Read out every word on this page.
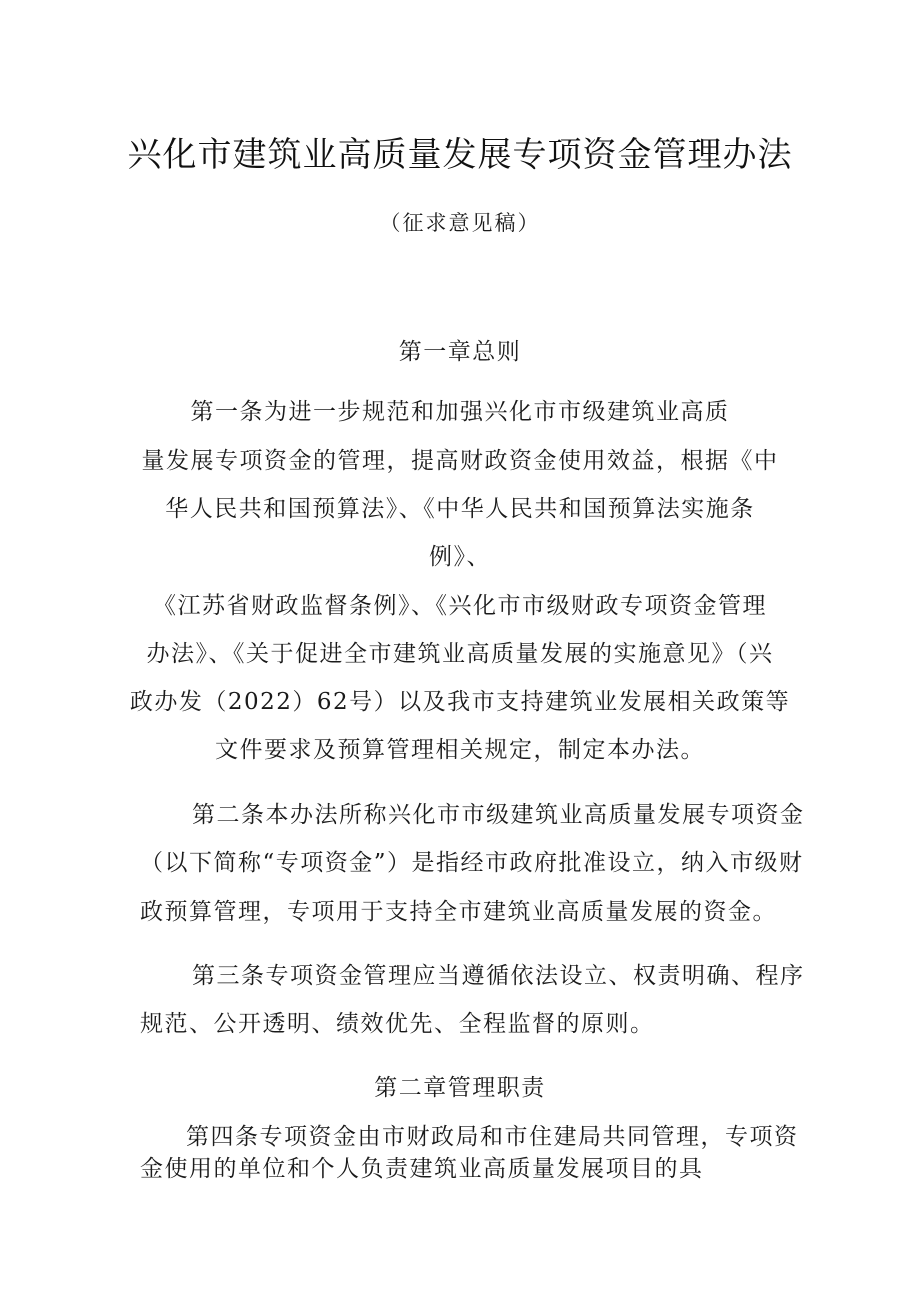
兴化市建筑业高质量发展专项资金管理办法
（征求意见稿）
第一章总则
第一条为进一步规范和加强兴化市市级建筑业高质
量发展专项资金的管理，提高财政资金使用效益，根据《中
华人民共和国预算法》、《中华人民共和国预算法实施条
例》、
《江苏省财政监督条例》、《兴化市市级财政专项资金管理
办法》、《关于促进全市建筑业高质量发展的实施意见》（兴
政办发（2022）62号）以及我市支持建筑业发展相关政策等
文件要求及预算管理相关规定，制定本办法。
第二条本办法所称兴化市市级建筑业高质量发展专项资金
（以下简称“专项资金”）是指经市政府批准设立，纳入市级财
政预算管理，专项用于支持全市建筑业高质量发展的资金。
第三条专项资金管理应当遵循依法设立、权责明确、程序
规范、公开透明、绩效优先、全程监督的原则。
第二章管理职责
第四条专项资金由市财政局和市住建局共同管理，专项资
金使用的单位和个人负责建筑业高质量发展项目的具
